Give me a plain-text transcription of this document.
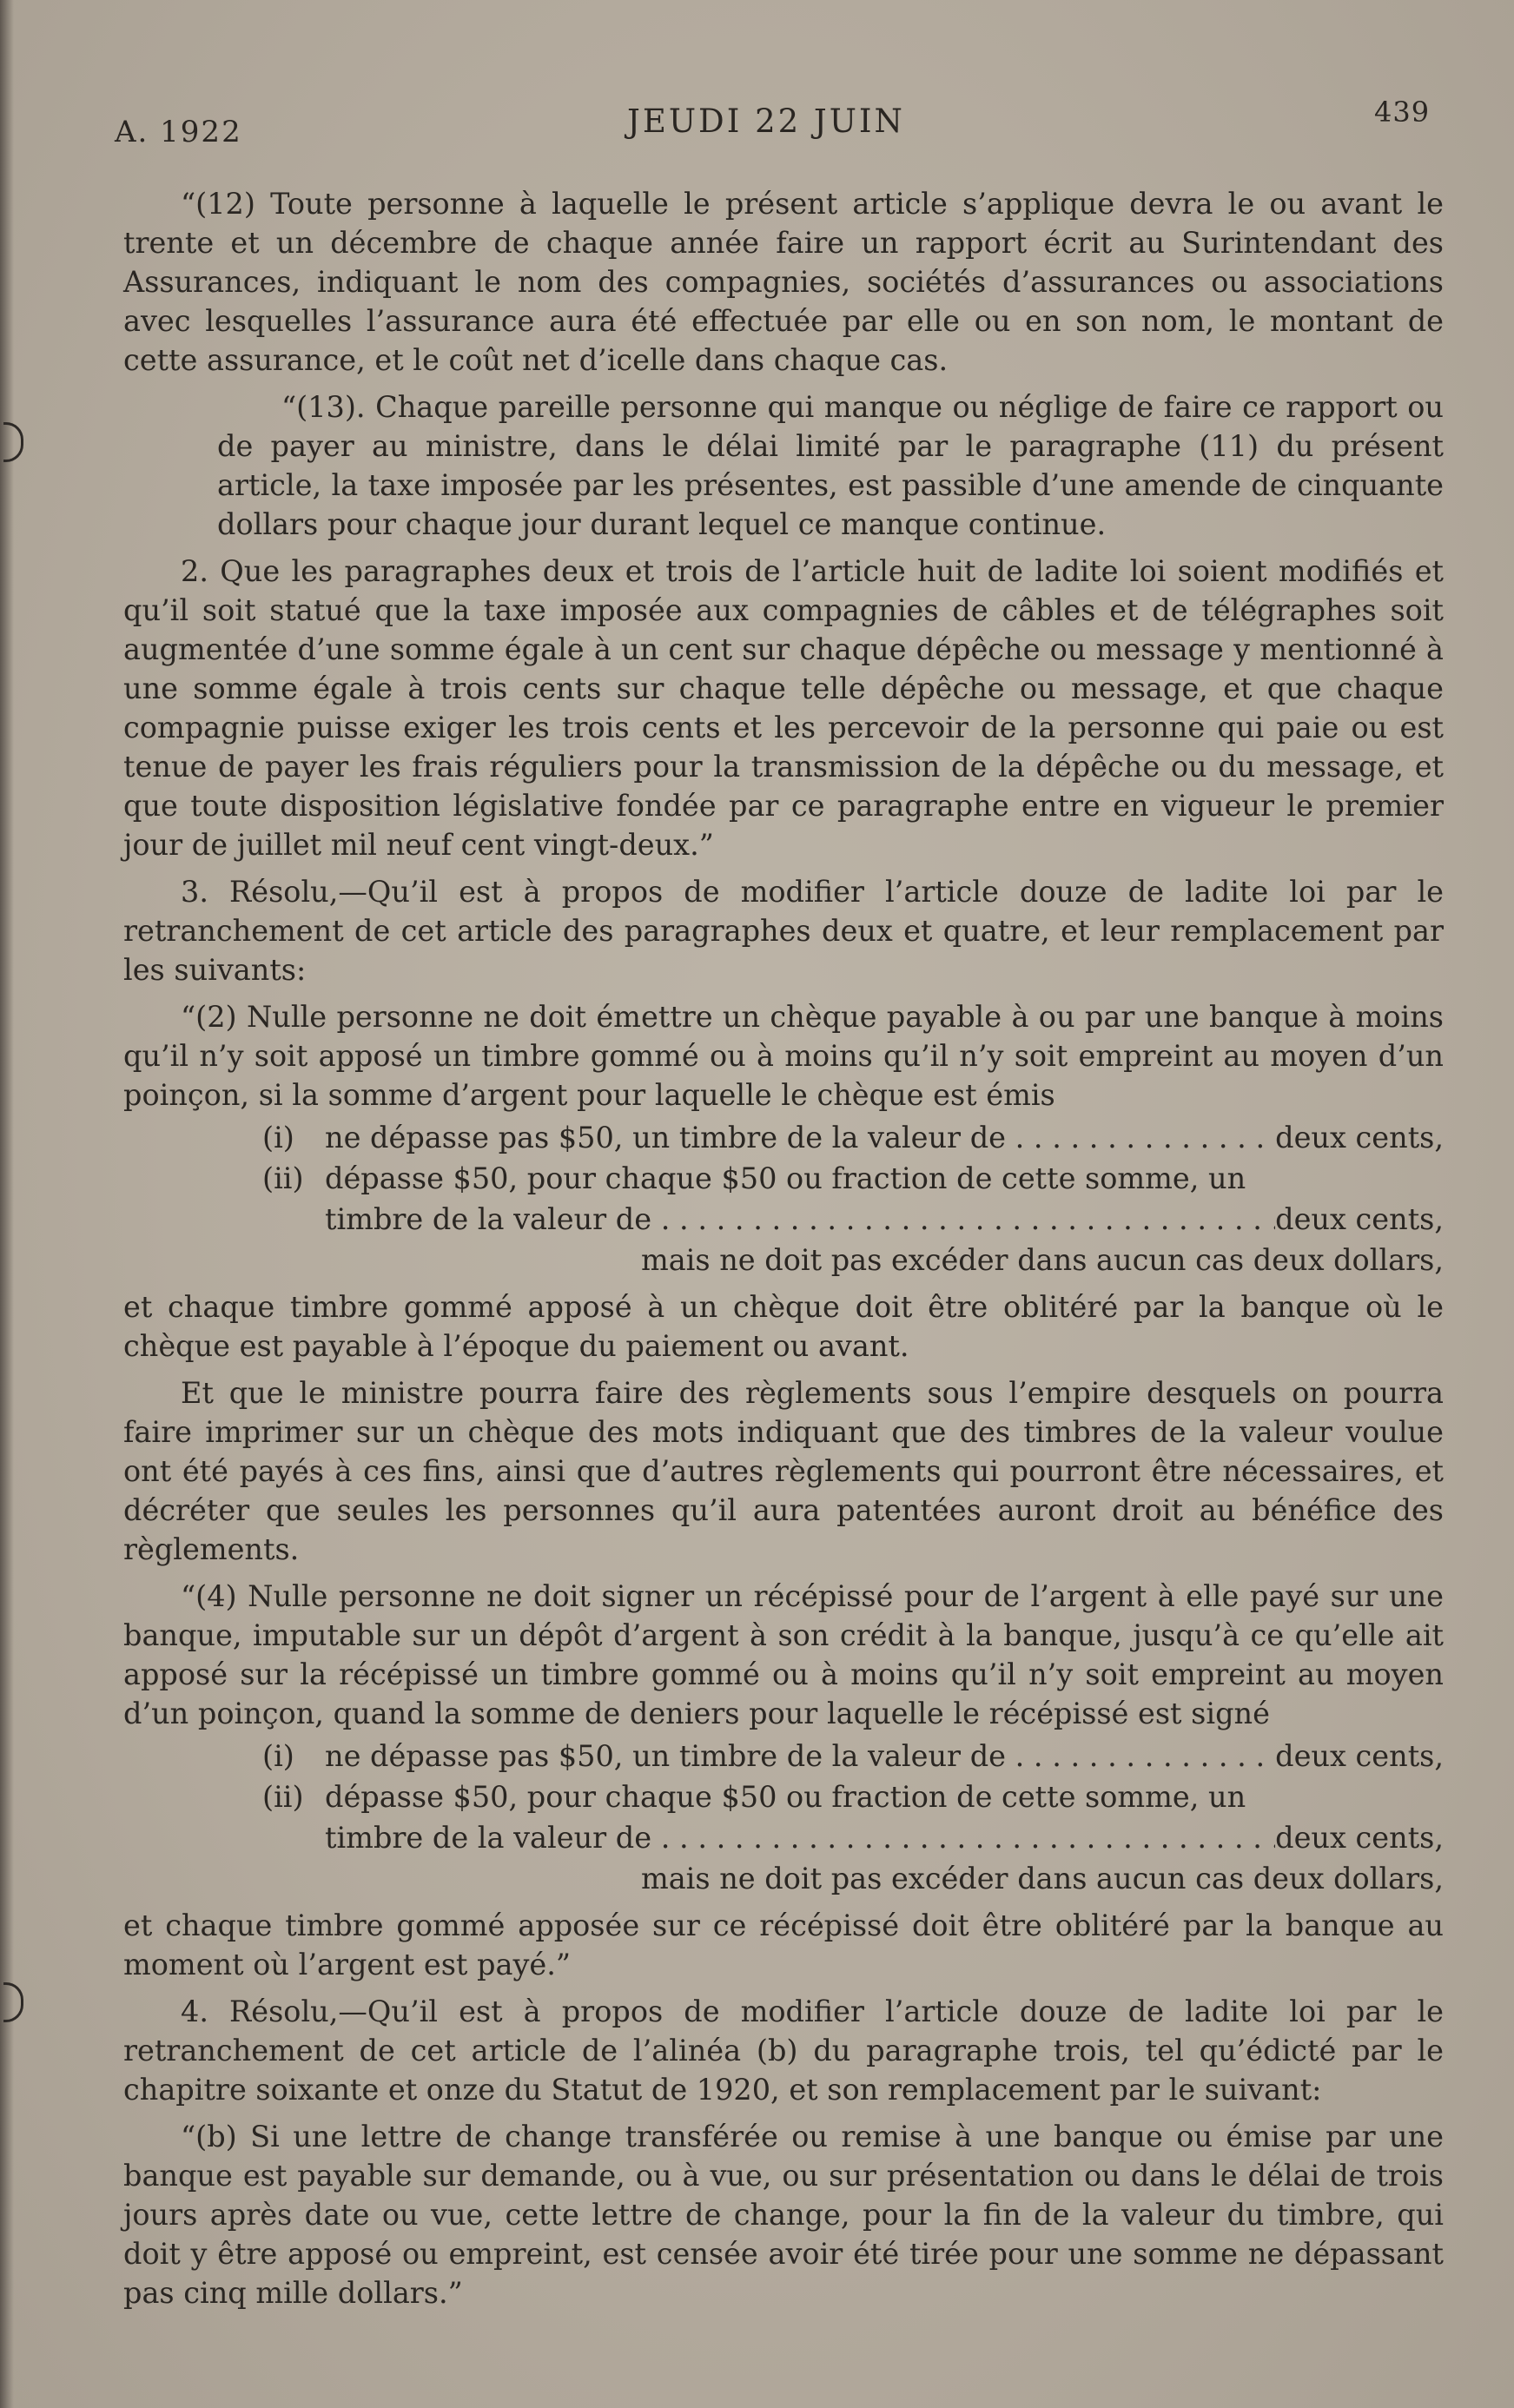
A. 1922	JEUDI 22 JUIN	439

“(12) Toute personne à laquelle le présent article s’applique devra le ou avant le trente et un décembre de chaque année faire un rapport écrit au Surintendant des Assurances, indiquant le nom des compagnies, sociétés d’assurances ou associations avec lesquelles l’assurance aura été effectuée par elle ou en son nom, le montant de cette assurance, et le coût net d’icelle dans chaque cas.

“(13). Chaque pareille personne qui manque ou néglige de faire ce rapport ou de payer au ministre, dans le délai limité par le paragraphe (11) du présent article, la taxe imposée par les présentes, est passible d’une amende de cinquante dollars pour chaque jour durant lequel ce manque continue.

2. Que les paragraphes deux et trois de l’article huit de ladite loi soient modifiés et qu’il soit statué que la taxe imposée aux compagnies de câbles et de télégraphes soit augmentée d’une somme égale à un cent sur chaque dépêche ou message y mentionné à une somme égale à trois cents sur chaque telle dépêche ou message, et que chaque compagnie puisse exiger les trois cents et les percevoir de la personne qui paie ou est tenue de payer les frais réguliers pour la transmission de la dépêche ou du message, et que toute disposition législative fondée par ce paragraphe entre en vigueur le premier jour de juillet mil neuf cent vingt-deux.”

3. Résolu,—Qu’il est à propos de modifier l’article douze de ladite loi par le retranchement de cet article des paragraphes deux et quatre, et leur remplacement par les suivants:

“(2) Nulle personne ne doit émettre un chèque payable à ou par une banque à moins qu’il n’y soit apposé un timbre gommé ou à moins qu’il n’y soit empreint au moyen d’un poinçon, si la somme d’argent pour laquelle le chèque est émis

(i)	ne dépasse pas $50, un timbre de la valeur de . . .	deux cents,
(ii) dépasse $50, pour chaque $50 ou fraction de cette somme, un
timbre de la valeur de . . .	deux cents,

mais ne doit pas excéder dans aucun cas deux dollars,

et chaque timbre gommé apposé à un chèque doit être oblitéré par la banque où le chèque est payable à l’époque du paiement ou avant.

Et que le ministre pourra faire des règlements sous l’empire desquels on pourra faire imprimer sur un chèque des mots indiquant que des timbres de la valeur voulue ont été payés à ces fins, ainsi que d’autres règlements qui pourront être nécessaires, et décréter que seules les personnes qu’il aura patentées auront droit au bénéfice des règlements.

“(4) Nulle personne ne doit signer un récépissé pour de l’argent à elle payé sur une banque, imputable sur un dépôt d’argent à son crédit à la banque, jusqu’à ce qu’elle ait apposé sur la récépissé un timbre gommé ou à moins qu’il n’y soit empreint au moyen d’un poinçon, quand la somme de deniers pour laquelle le récépissé est signé

(i)	ne dépasse pas $50, un timbre de la valeur de . . .	deux cents,
(ii) dépasse $50, pour chaque $50 ou fraction de cette somme, un
timbre de la valeur de . . .	deux cents,

mais ne doit pas excéder dans aucun cas deux dollars,

et chaque timbre gommé apposée sur ce récépissé doit être oblitéré par la banque au moment où l’argent est payé.”

4. Résolu,—Qu’il est à propos de modifier l’article douze de ladite loi par le retranchement de cet article de l’alinéa (b) du paragraphe trois, tel qu’édicté par le chapitre soixante et onze du Statut de 1920, et son remplacement par le suivant:

“(b) Si une lettre de change transférée ou remise à une banque ou émise par une banque est payable sur demande, ou à vue, ou sur présentation ou dans le délai de trois jours après date ou vue, cette lettre de change, pour la fin de la valeur du timbre, qui doit y être apposé ou empreint, est censée avoir été tirée pour une somme ne dépassant pas cinq mille dollars.”
